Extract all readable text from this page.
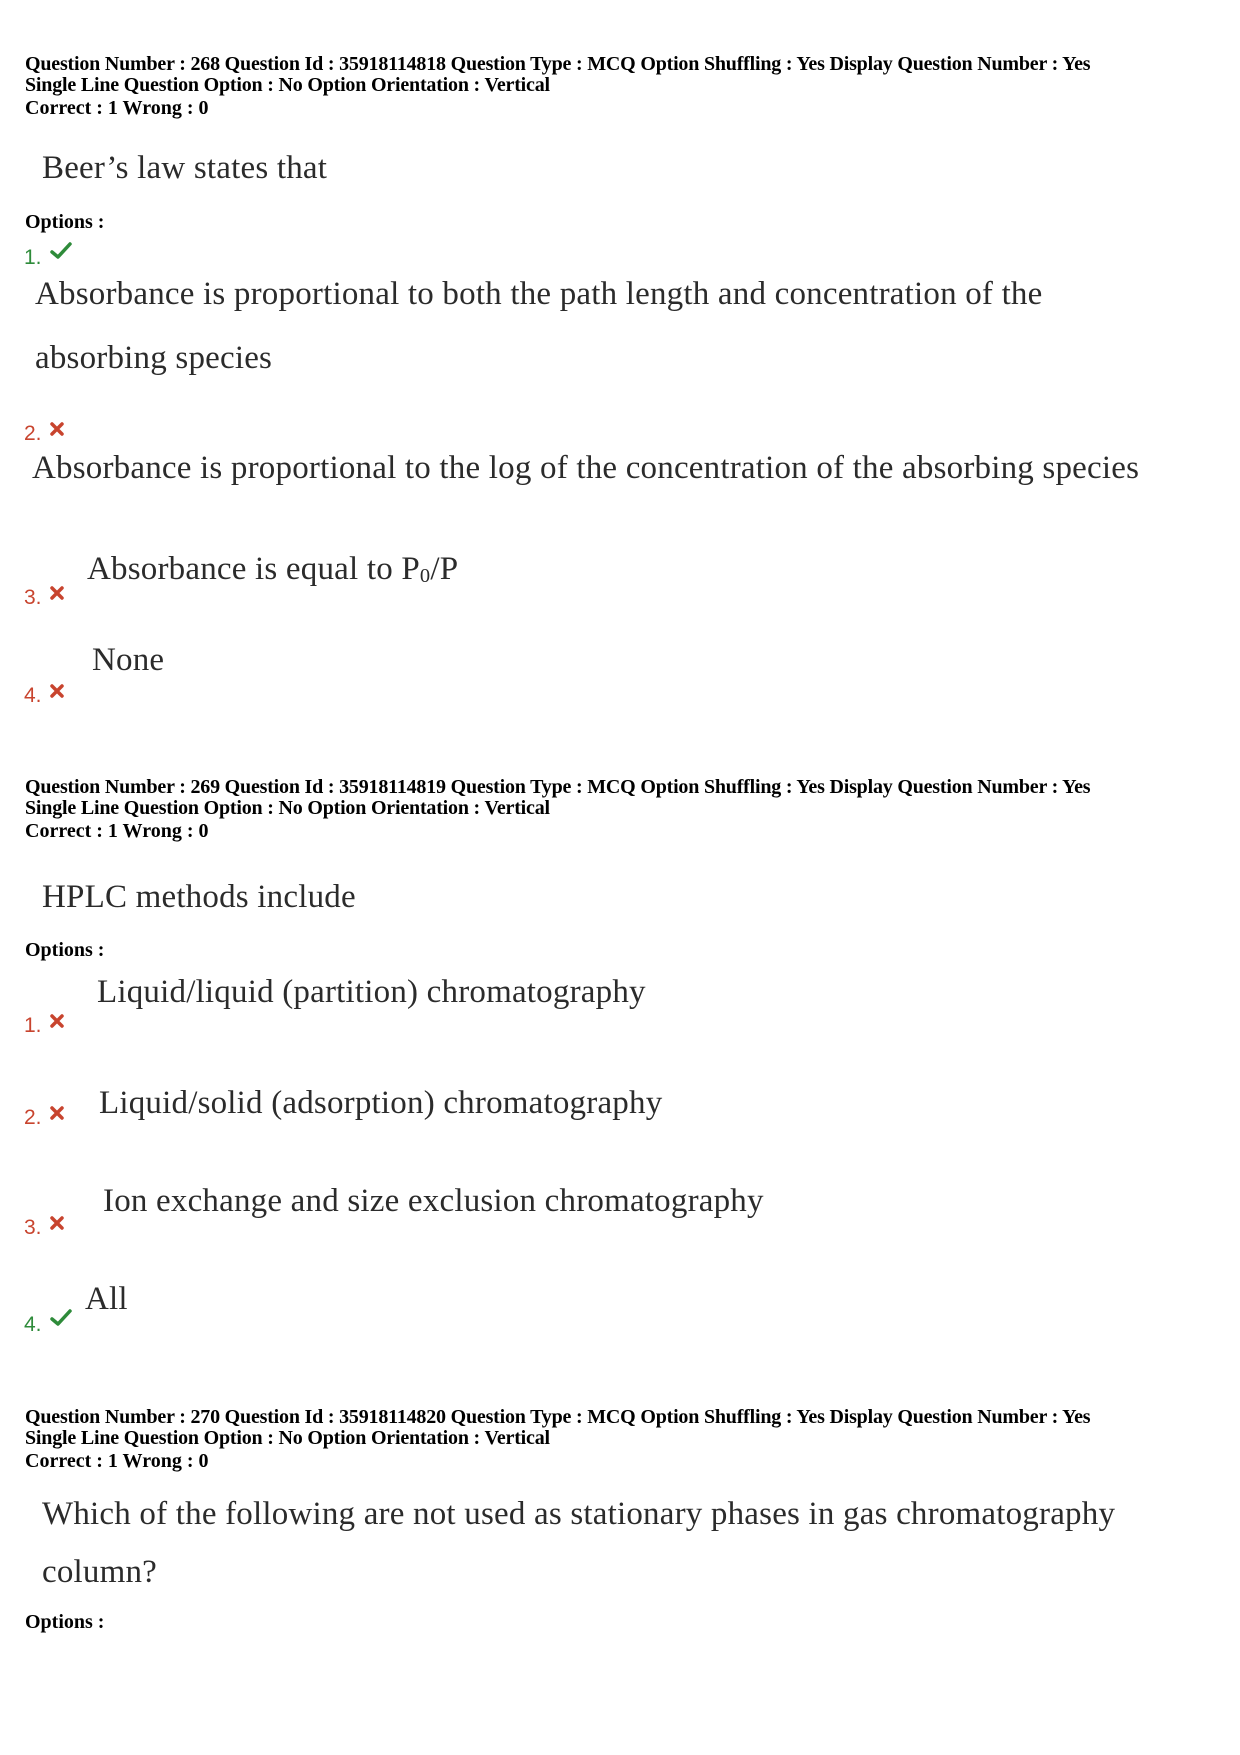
Question Number : 268 Question Id : 35918114818 Question Type : MCQ Option Shuffling : Yes Display Question Number : Yes
Single Line Question Option : No Option Orientation : Vertical
Correct : 1 Wrong : 0
Beer’s law states that
Options :
1.
Absorbance is proportional to both the path length and concentration of the
absorbing species
2.
Absorbance is proportional to the log of the concentration of the absorbing species
3.
Absorbance is equal to $P_0/P$
4.
None
Question Number : 269 Question Id : 35918114819 Question Type : MCQ Option Shuffling : Yes Display Question Number : Yes
Single Line Question Option : No Option Orientation : Vertical
Correct : 1 Wrong : 0
HPLC methods include
Options :
1.
Liquid/liquid (partition) chromatography
2.	Liquid/solid (adsorption) chromatography
3.
Ion exchange and size exclusion chromatography
4.
All
Question Number : 270 Question Id : 35918114820 Question Type : MCQ Option Shuffling : Yes Display Question Number : Yes
Single Line Question Option : No Option Orientation : Vertical
Correct : 1 Wrong : 0
Which of the following are not used as stationary phases in gas chromatography
column?
Options :
